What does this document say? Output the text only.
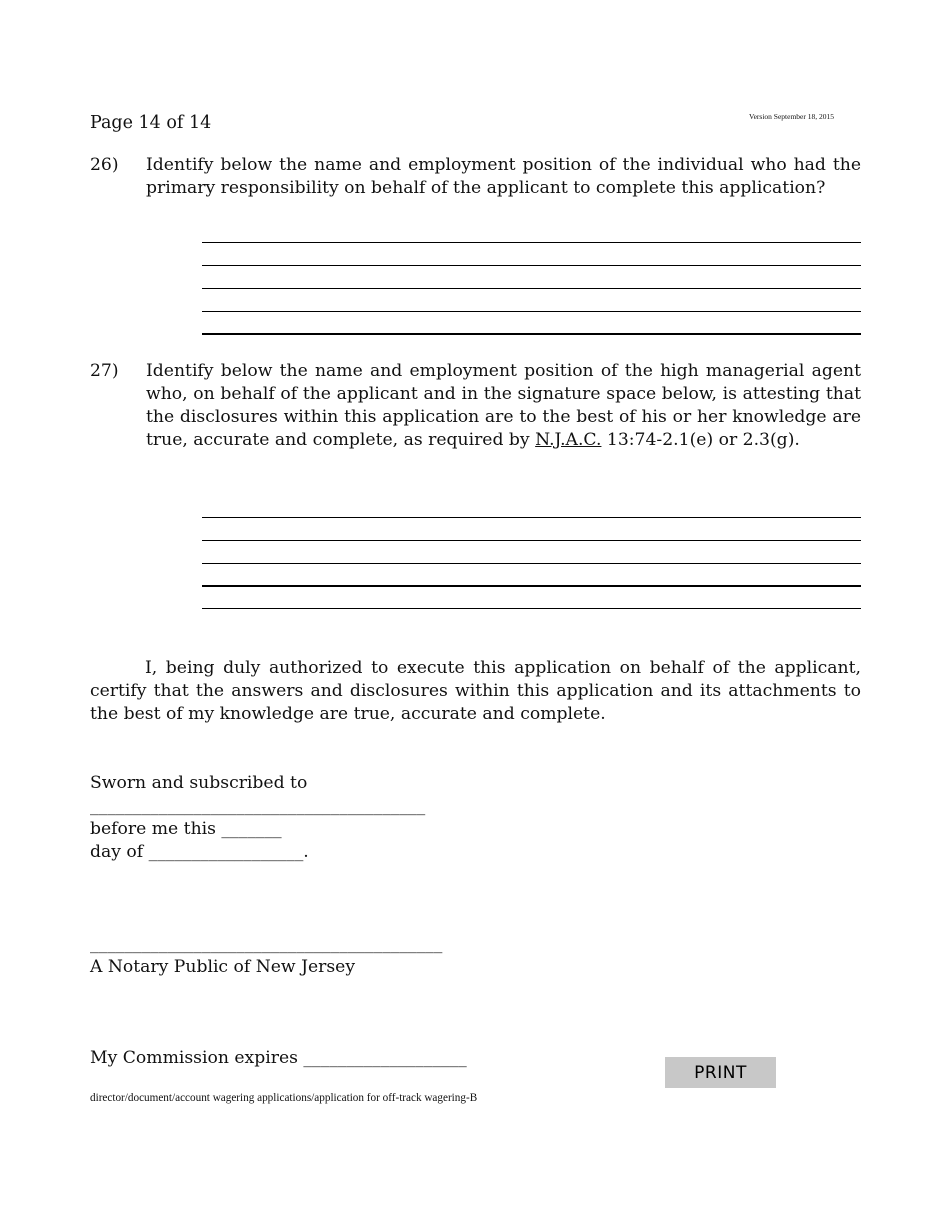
Page 14 of 14	Version September 18, 2015
26) Identify below the name and employment position of the individual who had the primary responsibility on behalf of the applicant to complete this application?
27) Identify below the name and employment position of the high managerial agent who, on behalf of the applicant and in the signature space below, is attesting that the disclosures within this application are to the best of his or her knowledge are true, accurate and complete, as required by N.J.A.C. 13:74-2.1(e) or 2.3(g).
I, being duly authorized to execute this application on behalf of the applicant, certify that the answers and disclosures within this application and its attachments to the best of my knowledge are true, accurate and complete.
Sworn and subscribed to
_______________________________________
before me this _______
day of __________________.
_________________________________________
A Notary Public of New Jersey
My Commission expires ___________________
PRINT
director/document/account wagering applications/application for off-track wagering-B
